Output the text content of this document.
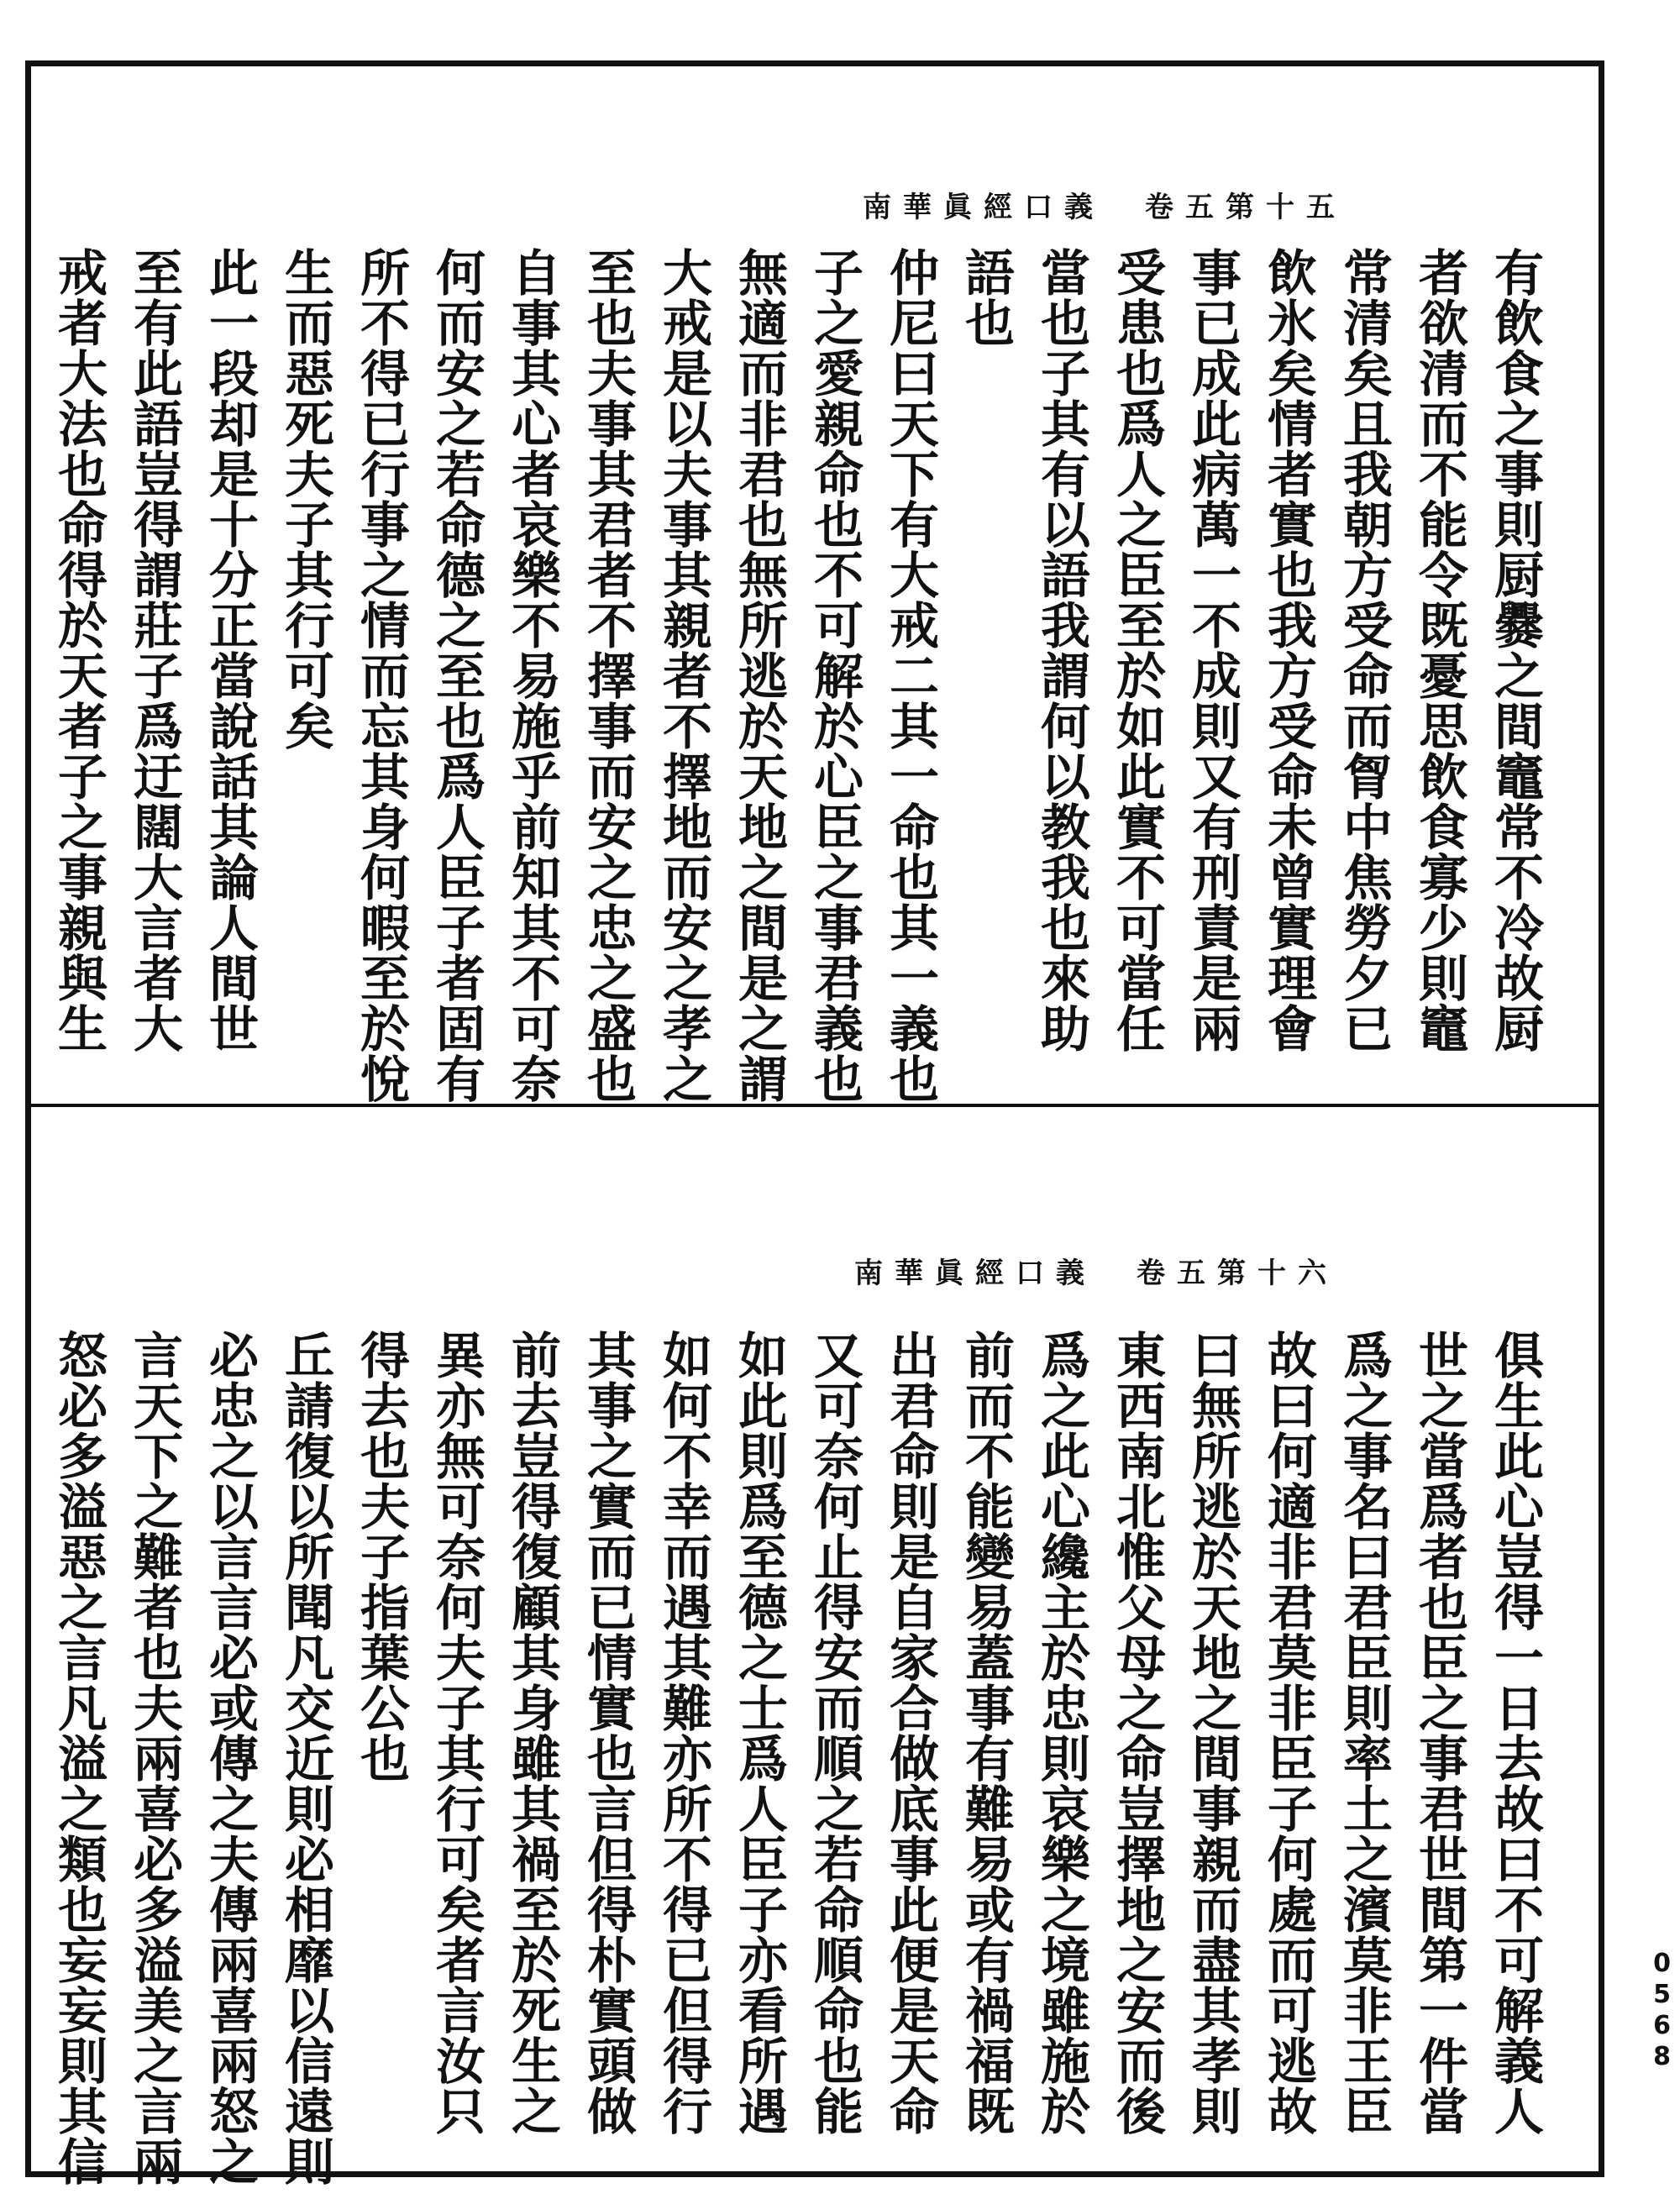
南華眞經口義　卷五第十五
有飲食之事則厨爨之間竈常不冷故厨
者欲清而不能令既憂思飲食寡少則竈
常清矣且我朝方受命而胷中焦勞夕已
飲氷矣情者實也我方受命未曾實理會
事已成此病萬一不成則又有刑責是兩
受患也爲人之臣至於如此實不可當任
當也子其有以語我謂何以教我也來助
語也
仲尼曰天下有大戒二其一命也其一義也
子之愛親命也不可解於心臣之事君義也
無適而非君也無所逃於天地之間是之謂
大戒是以夫事其親者不擇地而安之孝之
至也夫事其君者不擇事而安之忠之盛也
自事其心者哀樂不易施乎前知其不可奈
何而安之若命德之至也爲人臣子者固有
所不得已行事之情而忘其身何暇至於悅
生而惡死夫子其行可矣
此一段却是十分正當說話其論人間世
至有此語豈得謂莊子爲迂闊大言者大
戒者大法也命得於天者子之事親與生
南華眞經口義　卷五第十六
俱生此心豈得一日去故曰不可解義人
世之當爲者也臣之事君世間第一件當
爲之事名曰君臣則率土之濱莫非王臣
故曰何適非君莫非臣子何處而可逃故
曰無所逃於天地之間事親而盡其孝則
東西南北惟父母之命豈擇地之安而後
爲之此心纔主於忠則哀樂之境雖施於
前而不能變易蓋事有難易或有禍福既
出君命則是自家合做底事此便是天命
又可奈何止得安而順之若命順命也能
如此則爲至德之士爲人臣子亦看所遇
如何不幸而遇其難亦所不得已但得行
其事之實而已情實也言但得朴實頭做
前去豈得復顧其身雖其禍至於死生之
異亦無可奈何夫子其行可矣者言汝只
得去也夫子指葉公也
丘請復以所聞凡交近則必相靡以信遠則
必忠之以言言必或傳之夫傳兩喜兩怒之
言天下之難者也夫兩喜必多溢美之言兩
怒必多溢惡之言凡溢之類也妄妄則其信	0568
